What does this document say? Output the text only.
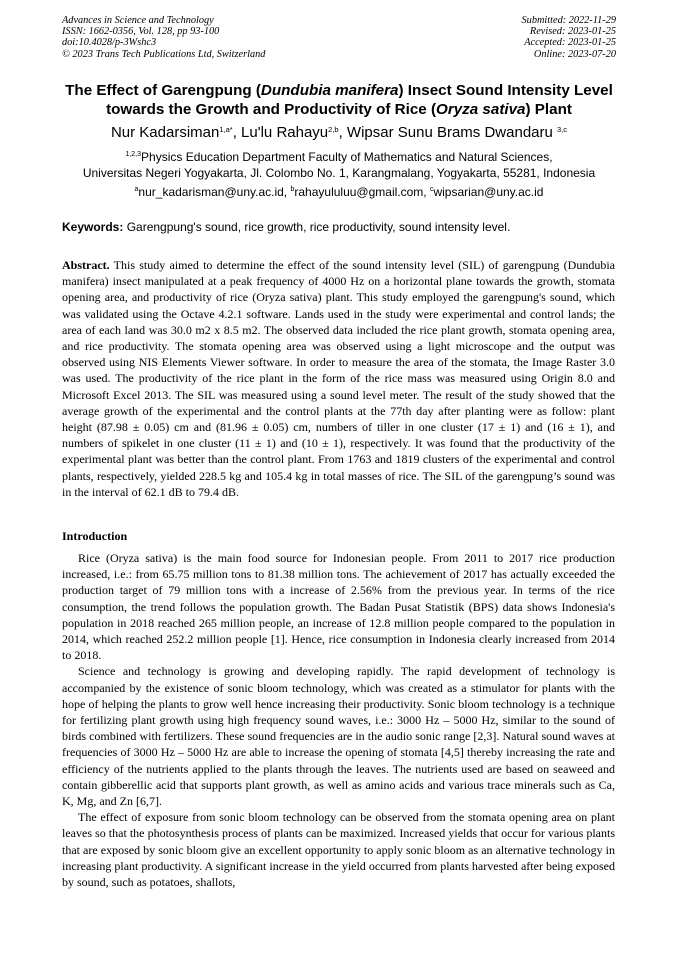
Advances in Science and Technology
ISSN: 1662-0356, Vol. 128, pp 93-100
doi:10.4028/p-3Wshc3
© 2023 Trans Tech Publications Ltd, Switzerland
Submitted: 2022-11-29
Revised: 2023-01-25
Accepted: 2023-01-25
Online: 2023-07-20
The Effect of Garengpung (Dundubia manifera) Insect Sound Intensity Level towards the Growth and Productivity of Rice (Oryza sativa) Plant
Nur Kadarsiman$^{1,a*}$, Lu'lu Rahayu$^{2,b}$, Wipsar Sunu Brams Dwandaru $^{3,c}$
$^{1,2,3}$Physics Education Department Faculty of Mathematics and Natural Sciences,
Universitas Negeri Yogyakarta, Jl. Colombo No. 1, Karangmalang, Yogyakarta, 55281, Indonesia
$^a$nur_kadarisman@uny.ac.id, $^b$rahayululuu@gmail.com, $^c$wipsarian@uny.ac.id
Keywords: Garengpung's sound, rice growth, rice productivity, sound intensity level.
Abstract. This study aimed to determine the effect of the sound intensity level (SIL) of garengpung (Dundubia manifera) insect manipulated at a peak frequency of 4000 Hz on a horizontal plane towards the growth, stomata opening area, and productivity of rice (Oryza sativa) plant. This study employed the garengpung's sound, which was validated using the Octave 4.2.1 software. Lands used in the study were experimental and control lands; the area of each land was 30.0 m2 x 8.5 m2. The observed data included the rice plant growth, stomata opening area, and rice productivity. The stomata opening area was observed using a light microscope and the output was observed using NIS Elements Viewer software. In order to measure the area of the stomata, the Image Raster 3.0 was used. The productivity of the rice plant in the form of the rice mass was measured using Origin 8.0 and Microsoft Excel 2013. The SIL was measured using a sound level meter. The result of the study showed that the average growth of the experimental and the control plants at the 77th day after planting were as follow: plant height (87.98 ± 0.05) cm and (81.96 ± 0.05) cm, numbers of tiller in one cluster (17 ± 1) and (16 ± 1), and numbers of spikelet in one cluster (11 ± 1) and (10 ± 1), respectively. It was found that the productivity of the experimental plant was better than the control plant. From 1763 and 1819 clusters of the experimental and control plants, respectively, yielded 228.5 kg and 105.4 kg in total masses of rice. The SIL of the garengpung’s sound was in the interval of 62.1 dB to 79.4 dB.
Introduction

Rice (Oryza sativa) is the main food source for Indonesian people. From 2011 to 2017 rice production increased, i.e.: from 65.75 million tons to 81.38 million tons. The achievement of 2017 has actually exceeded the production target of 79 million tons with a increase of 2.56% from the previous year. In terms of the rice consumption, the trend follows the population growth. The Badan Pusat Statistik (BPS) data shows Indonesia's population in 2018 reached 265 million people, an increase of 12.8 million people compared to the population in 2014, which reached 252.2 million people [1]. Hence, rice consumption in Indonesia clearly increased from 2014 to 2018.

Science and technology is growing and developing rapidly. The rapid development of technology is accompanied by the existence of sonic bloom technology, which was created as a stimulator for plants with the hope of helping the plants to grow well hence increasing their productivity. Sonic bloom technology is a technique for fertilizing plant growth using high frequency sound waves, i.e.: 3000 Hz – 5000 Hz, similar to the sound of birds combined with fertilizers. These sound frequencies are in the audio sonic range [2,3]. Natural sound waves at frequencies of 3000 Hz – 5000 Hz are able to increase the opening of stomata [4,5] thereby increasing the rate and efficiency of the nutrients applied to the plants through the leaves. The nutrients used are based on seaweed and contain gibberellic acid that supports plant growth, as well as amino acids and various trace minerals such as Ca, K, Mg, and Zn [6,7].

The effect of exposure from sonic bloom technology can be observed from the stomata opening area on plant leaves so that the photosynthesis process of plants can be maximized. Increased yields that occur for various plants that are exposed by sonic bloom give an excellent opportunity to apply sonic bloom as an alternative technology in increasing plant productivity. A significant increase in the yield occurred from plants harvested after being exposed by sound, such as potatoes, shallots,
